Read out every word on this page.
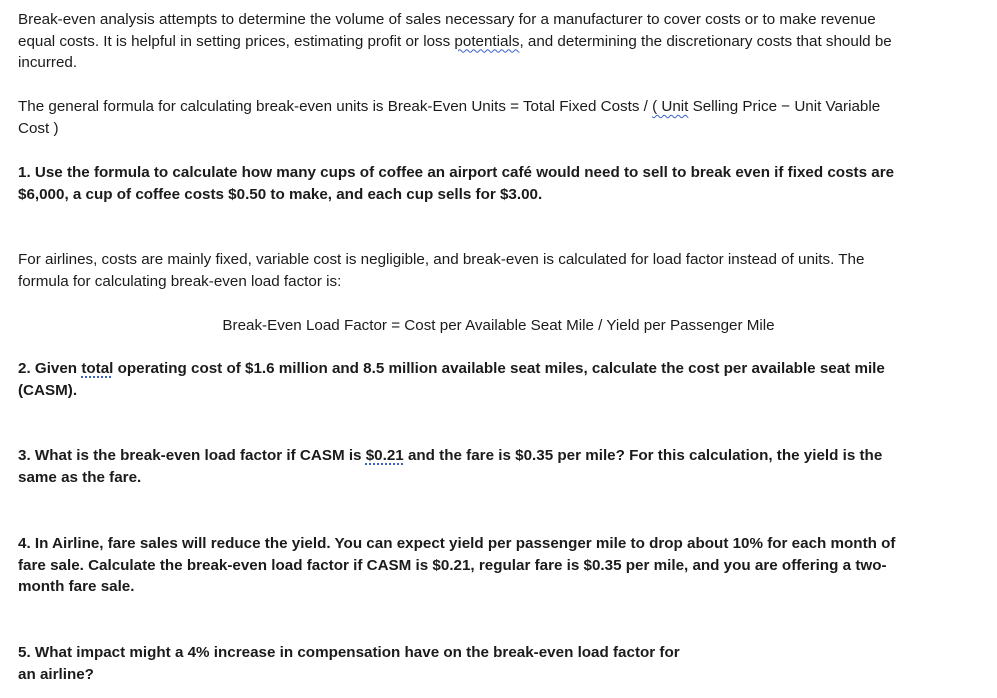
Break-even analysis attempts to determine the volume of sales necessary for a manufacturer to cover costs or to make revenue
equal costs. It is helpful in setting prices, estimating profit or loss potentials, and determining the discretionary costs that should be
incurred.

The general formula for calculating break-even units is Break-Even Units = Total Fixed Costs / ( Unit Selling Price − Unit Variable
Cost )

1. Use the formula to calculate how many cups of coffee an airport café would need to sell to break even if fixed costs are
$6,000, a cup of coffee costs $0.50 to make, and each cup sells for $3.00.

For airlines, costs are mainly fixed, variable cost is negligible, and break-even is calculated for load factor instead of units. The
formula for calculating break-even load factor is:

Break-Even Load Factor = Cost per Available Seat Mile / Yield per Passenger Mile

2. Given total operating cost of $1.6 million and 8.5 million available seat miles, calculate the cost per available seat mile
(CASM).

3. What is the break-even load factor if CASM is $0.21 and the fare is $0.35 per mile? For this calculation, the yield is the
same as the fare.

4. In Airline, fare sales will reduce the yield. You can expect yield per passenger mile to drop about 10% for each month of
fare sale. Calculate the break-even load factor if CASM is $0.21, regular fare is $0.35 per mile, and you are offering a two-
month fare sale.

5. What impact might a 4% increase in compensation have on the break-even load factor for
an airline?
